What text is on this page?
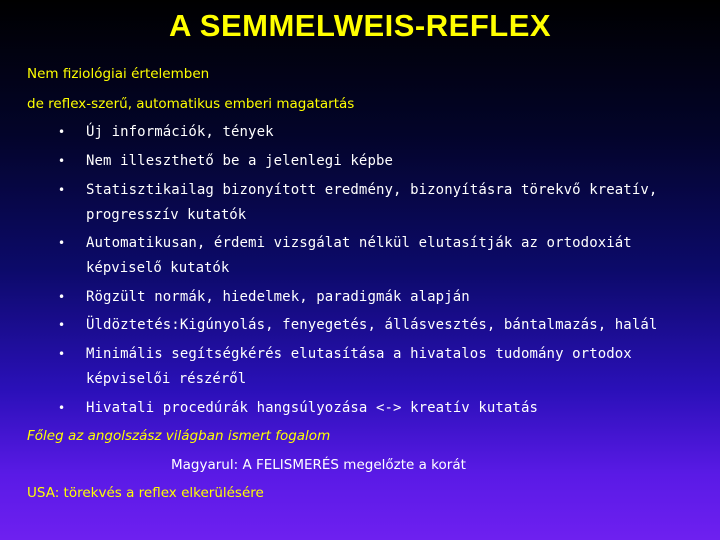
A SEMMELWEIS-REFLEX

Nem fiziológiai értelemben

de reflex-szerű, automatikus emberi magatartás

• Új információk, tények

• Nem illeszthető be a jelenlegi képbe

• Statisztikailag bizonyított eredmény, bizonyításra törekvő kreatív,

progresszív kutatók

• Automatikusan, érdemi vizsgálat nélkül elutasítják az ortodoxiát

képviselő kutatók

• Rögzült normák, hiedelmek, paradigmák alapján

• Üldöztetés:Kigúnyolás, fenyegetés, állásvesztés, bántalmazás, halál

• Minimális segítségkérés elutasítása a hivatalos tudomány ortodox

képviselői részéről

• Hivatali procedúrák hangsúlyozása <-> kreatív kutatás

Főleg az angolszász világban ismert fogalom

Magyarul: A FELISMERÉS megelőzte a korát

USA: törekvés a reflex elkerülésére
